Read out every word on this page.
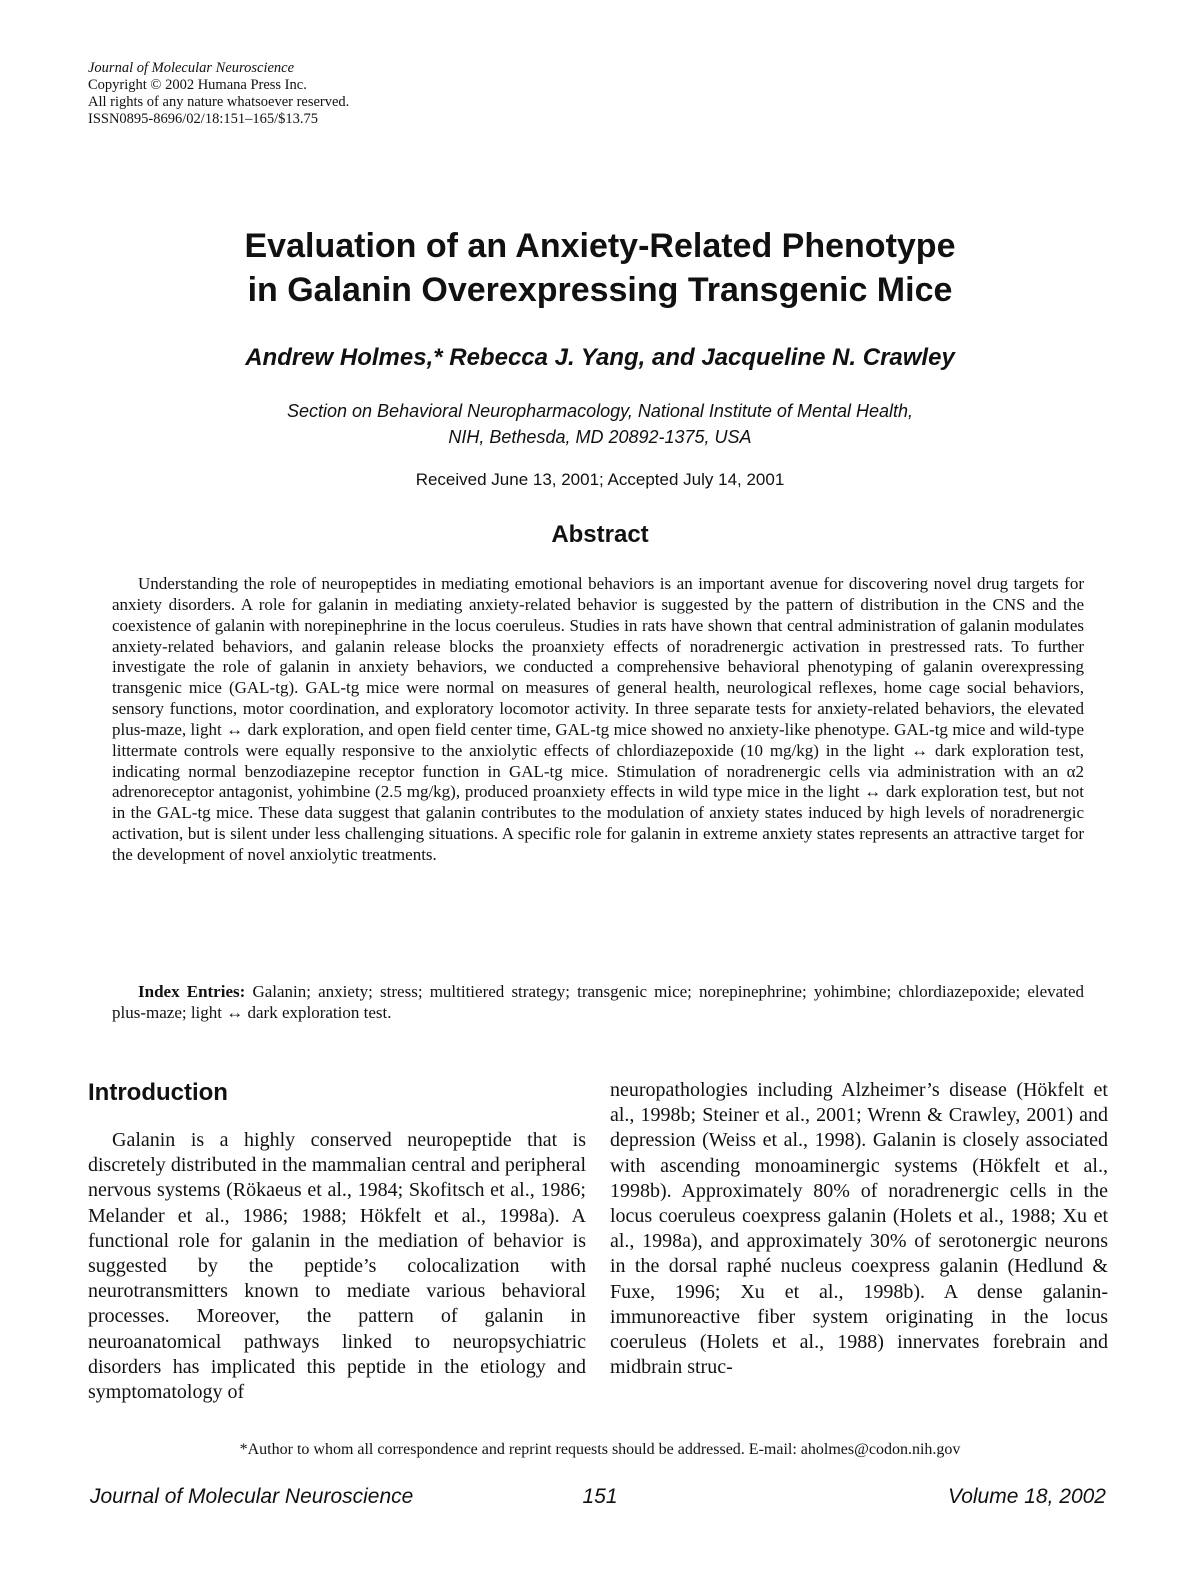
Journal of Molecular Neuroscience
Copyright © 2002 Humana Press Inc.
All rights of any nature whatsoever reserved.
ISSN0895-8696/02/18:151–165/$13.75
Evaluation of an Anxiety-Related Phenotype
in Galanin Overexpressing Transgenic Mice
Andrew Holmes,* Rebecca J. Yang, and Jacqueline N. Crawley
Section on Behavioral Neuropharmacology, National Institute of Mental Health,
NIH, Bethesda, MD 20892-1375, USA
Received June 13, 2001; Accepted July 14, 2001
Abstract

Understanding the role of neuropeptides in mediating emotional behaviors is an important avenue for discovering novel drug targets for anxiety disorders. A role for galanin in mediating anxiety-related behavior is suggested by the pattern of distribution in the CNS and the coexistence of galanin with norepinephrine in the locus coeruleus. Studies in rats have shown that central administration of galanin modulates anxiety-related behaviors, and galanin release blocks the proanxiety effects of noradrenergic activation in prestressed rats. To further investigate the role of galanin in anxiety behaviors, we conducted a comprehensive behavioral phenotyping of galanin overexpressing transgenic mice (GAL-tg). GAL-tg mice were normal on measures of general health, neurological reflexes, home cage social behaviors, sensory functions, motor coordination, and exploratory locomotor activity. In three separate tests for anxiety-related behaviors, the elevated plus-maze, light ↔ dark exploration, and open field center time, GAL-tg mice showed no anxiety-like phenotype. GAL-tg mice and wild-type littermate controls were equally responsive to the anxiolytic effects of chlordiazepoxide (10 mg/kg) in the light ↔ dark exploration test, indicating normal benzodiazepine receptor function in GAL-tg mice. Stimulation of noradrenergic cells via administration with an α2 adrenoreceptor antagonist, yohimbine (2.5 mg/kg), produced proanxiety effects in wild type mice in the light ↔ dark exploration test, but not in the GAL-tg mice. These data suggest that galanin contributes to the modulation of anxiety states induced by high levels of noradrenergic activation, but is silent under less challenging situations. A specific role for galanin in extreme anxiety states represents an attractive target for the development of novel anxiolytic treatments.

Index Entries: Galanin; anxiety; stress; multitiered strategy; transgenic mice; norepinephrine; yohimbine; chlordiazepoxide; elevated plus-maze; light ↔ dark exploration test.

Introduction

Galanin is a highly conserved neuropeptide that is discretely distributed in the mammalian central and peripheral nervous systems (Rökaeus et al., 1984; Skofitsch et al., 1986; Melander et al., 1986; 1988; Hökfelt et al., 1998a). A functional role for galanin in the mediation of behavior is suggested by the peptide’s colocalization with neurotransmitters known to mediate various behavioral processes. Moreover, the pattern of galanin in neuroanatomical pathways linked to neuropsychiatric disorders has implicated this peptide in the etiology and symptomatology of

neuropathologies including Alzheimer’s disease (Hökfelt et al., 1998b; Steiner et al., 2001; Wrenn & Crawley, 2001) and depression (Weiss et al., 1998). Galanin is closely associated with ascending monoaminergic systems (Hökfelt et al., 1998b). Approximately 80% of noradrenergic cells in the locus coeruleus coexpress galanin (Holets et al., 1988; Xu et al., 1998a), and approximately 30% of serotonergic neurons in the dorsal raphé nucleus coexpress galanin (Hedlund & Fuxe, 1996; Xu et al., 1998b). A dense galanin-immunoreactive fiber system originating in the locus coeruleus (Holets et al., 1988) innervates forebrain and midbrain struc-

*Author to whom all correspondence and reprint requests should be addressed. E-mail: aholmes@codon.nih.gov
Journal of Molecular Neuroscience	151	Volume 18, 2002
